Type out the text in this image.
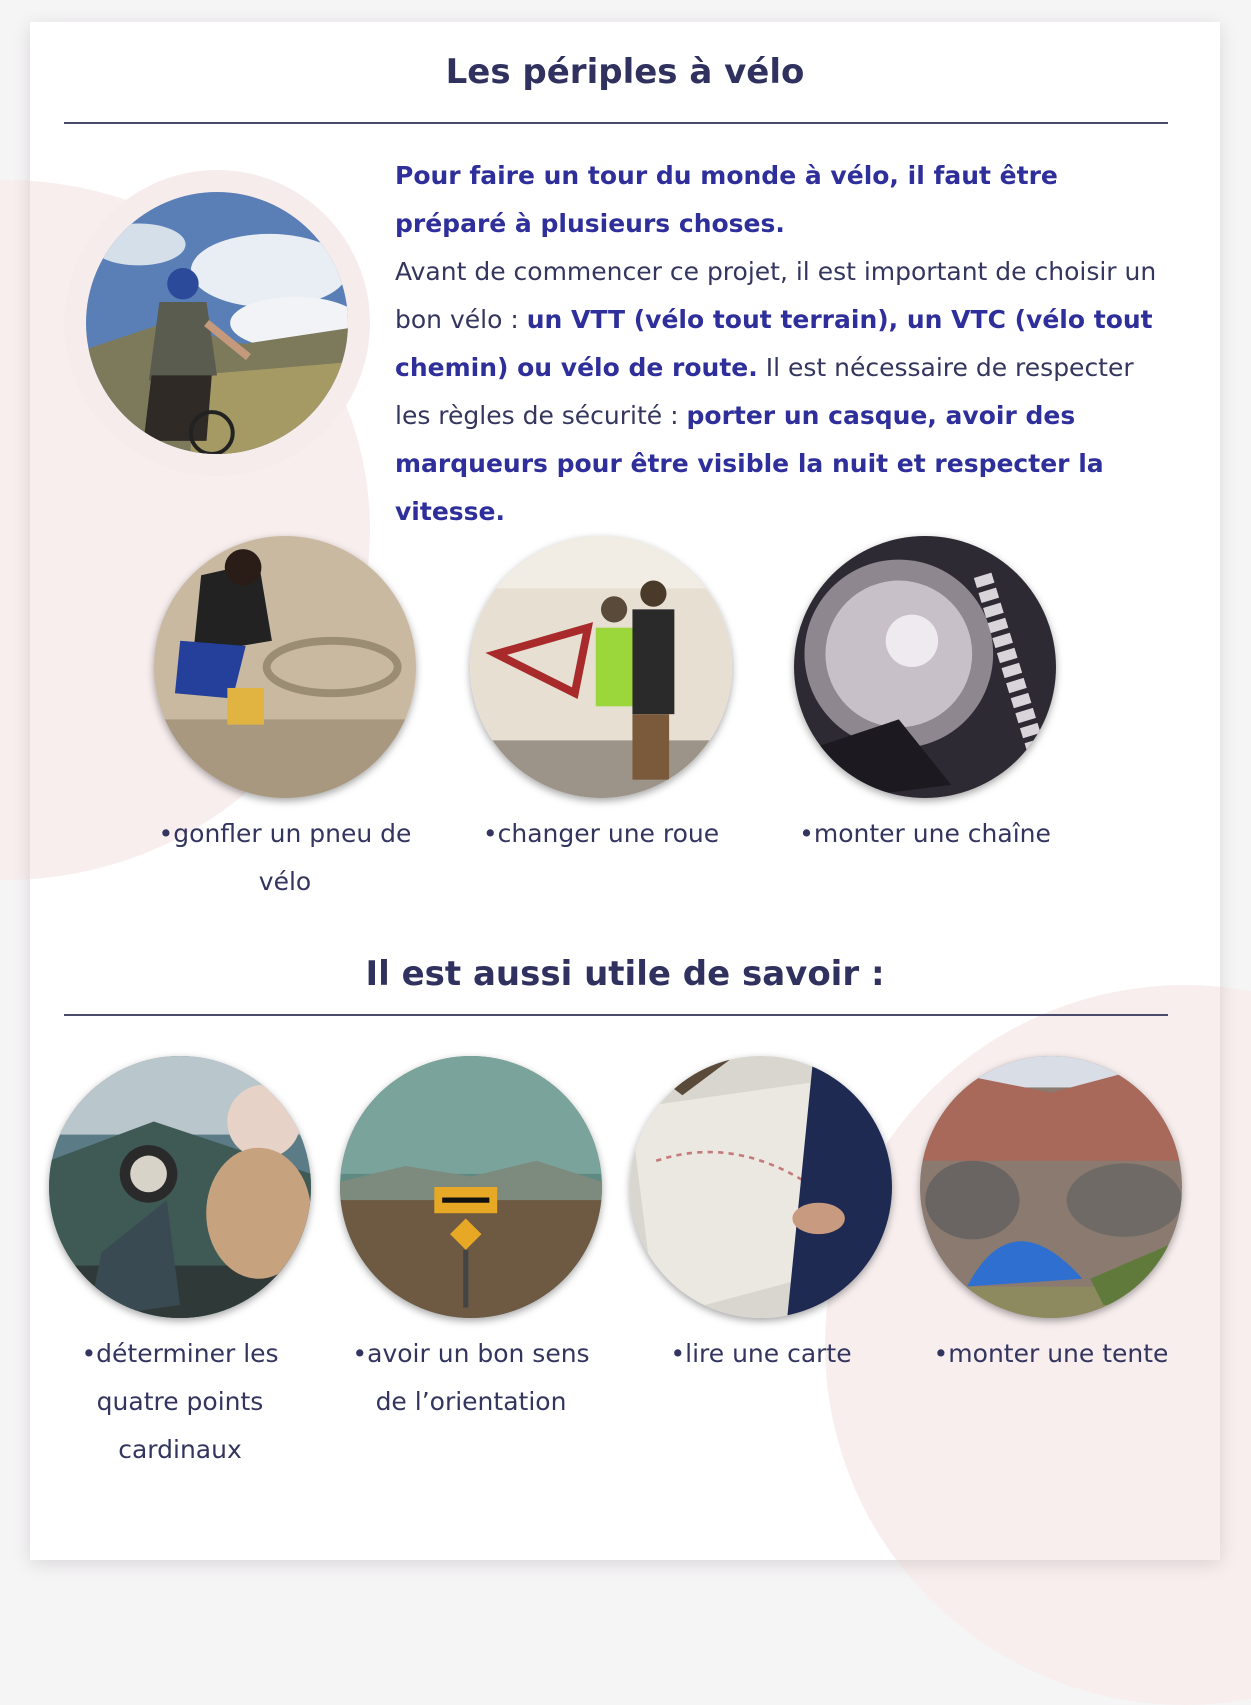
Les périples à vélo

Pour faire un tour du monde à vélo, il faut être préparé à plusieurs choses.

Avant de commencer ce projet, il est important de choisir un bon vélo : un VTT (vélo tout terrain), un VTC (vélo tout chemin) ou vélo de route. Il est nécessaire de respecter les règles de sécurité : porter un casque, avoir des marqueurs pour être visible la nuit et respecter la vitesse.

•gonfler un pneu de vélo
•changer une roue	•monter une chaîne
Il est aussi utile de savoir :
•déterminer les quatre points cardinaux
•avoir un bon sens de l’orientation
•lire une carte	•monter une tente
